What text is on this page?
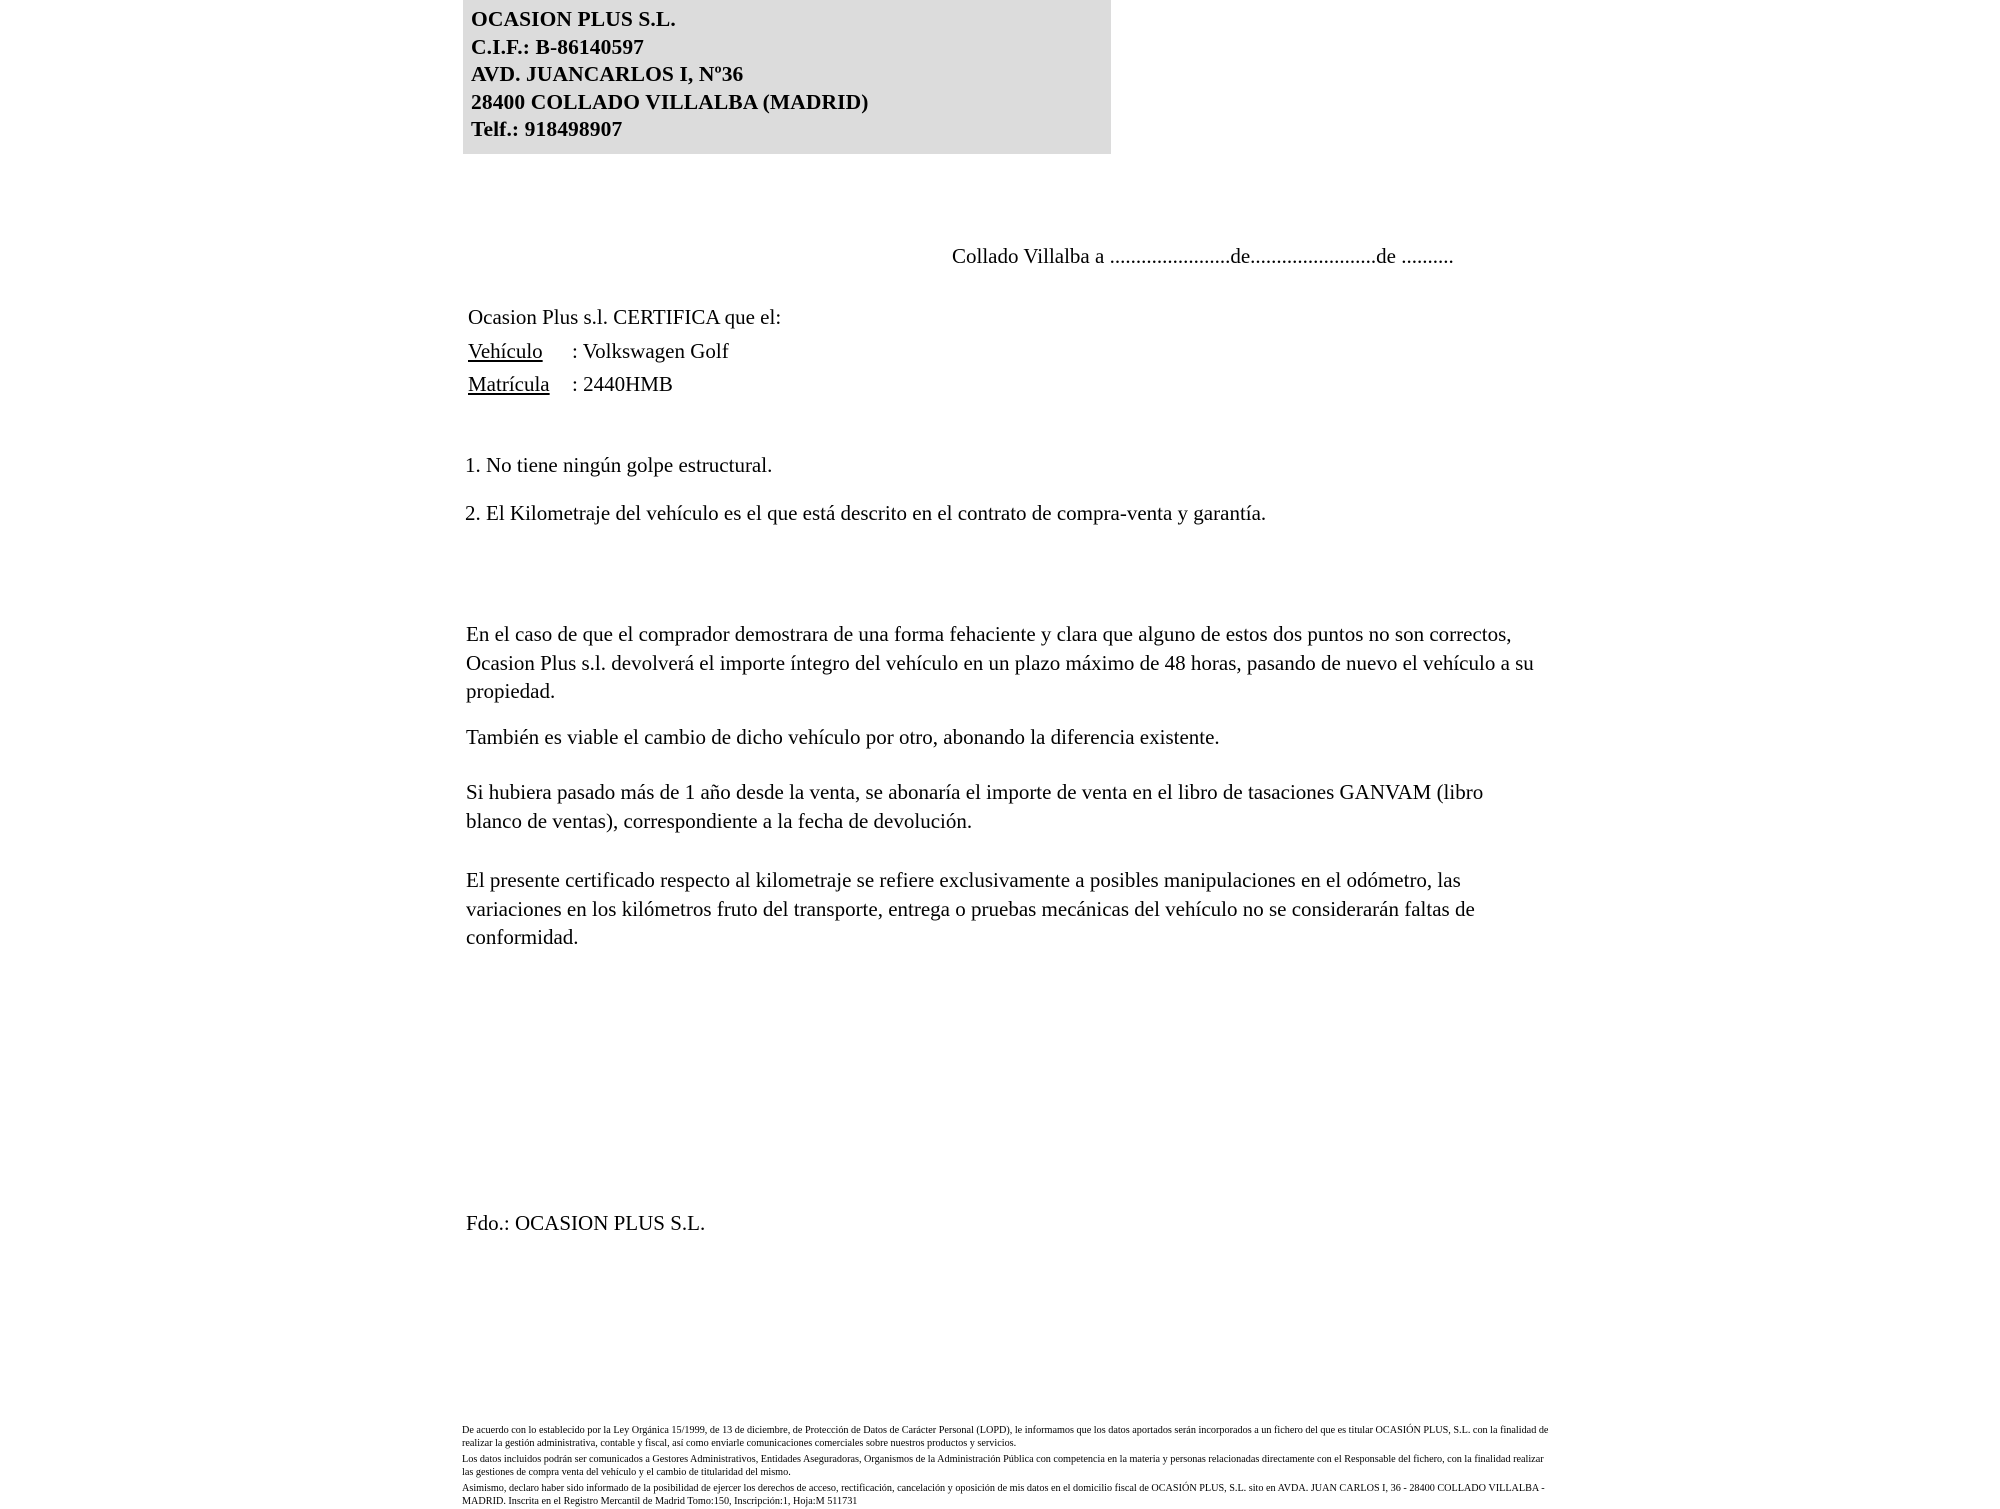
OCASION PLUS S.L.
C.I.F.: B-86140597
AVD. JUANCARLOS I, Nº36
28400 COLLADO VILLALBA (MADRID)
Telf.: 918498907
Collado Villalba a .......................de........................de ..........
Ocasion Plus s.l. CERTIFICA que el:
Vehículo : Volkswagen Golf
Matrícula : 2440HMB
1. No tiene ningún golpe estructural.
2. El Kilometraje del vehículo es el que está descrito en el contrato de compra-venta y garantía.
En el caso de que el comprador demostrara de una forma fehaciente y clara que alguno de estos dos puntos no son correctos, Ocasion Plus s.l. devolverá el importe íntegro del vehículo en un plazo máximo de 48 horas, pasando de nuevo el vehículo a su propiedad.
También es viable el cambio de dicho vehículo por otro, abonando la diferencia existente.
Si hubiera pasado más de 1 año desde la venta, se abonaría el importe de venta en el libro de tasaciones GANVAM (libro blanco de ventas), correspondiente a la fecha de devolución.
El presente certificado respecto al kilometraje se refiere exclusivamente a posibles manipulaciones en el odómetro, las variaciones en los kilómetros fruto del transporte, entrega o pruebas mecánicas del vehículo no se considerarán faltas de conformidad.
Fdo.: OCASION PLUS S.L.

De acuerdo con lo establecido por la Ley Orgánica 15/1999, de 13 de diciembre, de Protección de Datos de Carácter Personal (LOPD), le informamos que los datos aportados serán incorporados a un fichero del que es titular OCASIÓN PLUS, S.L. con la finalidad de realizar la gestión administrativa, contable y fiscal, así como enviarle comunicaciones comerciales sobre nuestros productos y servicios.

Los datos incluidos podrán ser comunicados a Gestores Administrativos, Entidades Aseguradoras, Organismos de la Administración Pública con competencia en la materia y personas relacionadas directamente con el Responsable del fichero, con la finalidad realizar las gestiones de compra venta del vehículo y el cambio de titularidad del mismo.

Asimismo, declaro haber sido informado de la posibilidad de ejercer los derechos de acceso, rectificación, cancelación y oposición de mis datos en el domicilio fiscal de OCASIÓN PLUS, S.L. sito en AVDA. JUAN CARLOS I, 36 - 28400 COLLADO VILLALBA - MADRID. Inscrita en el Registro Mercantil de Madrid Tomo:150, Inscripción:1, Hoja:M 511731
